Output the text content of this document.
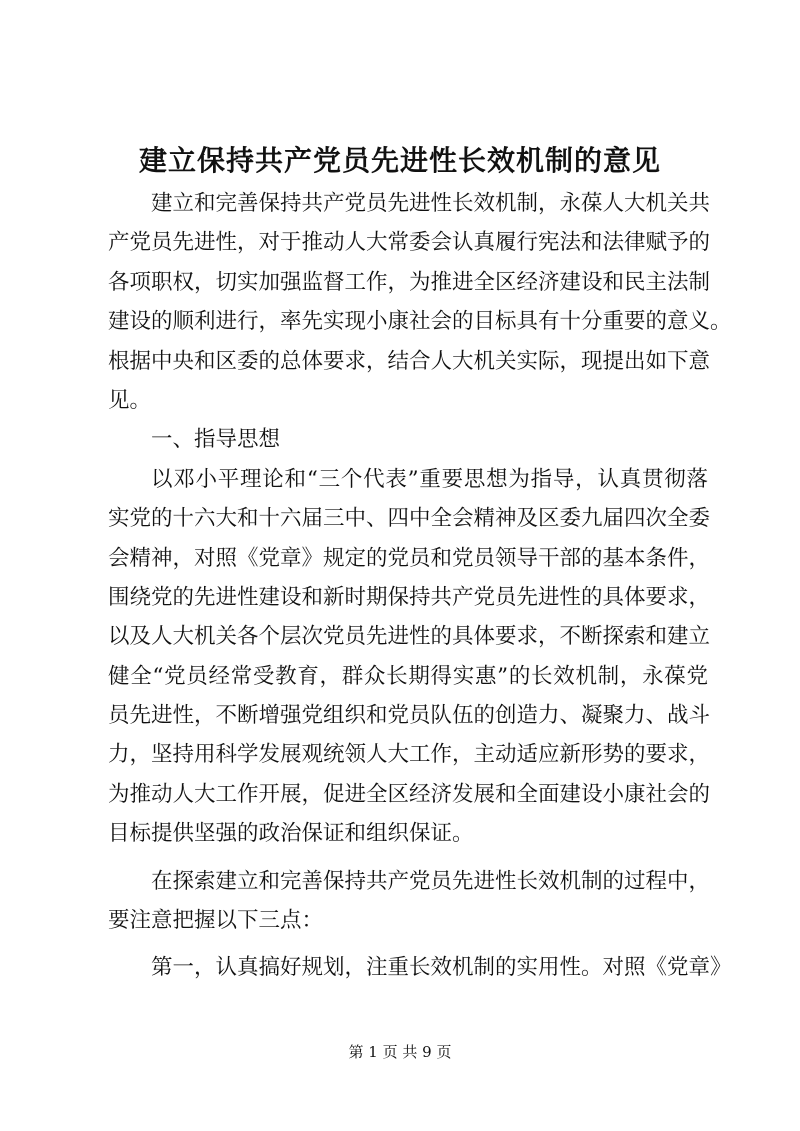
建立保持共产党员先进性长效机制的意见
建立和完善保持共产党员先进性长效机制，永葆人大机关共
产党员先进性，对于推动人大常委会认真履行宪法和法律赋予的
各项职权，切实加强监督工作，为推进全区经济建设和民主法制
建设的顺利进行，率先实现小康社会的目标具有十分重要的意义。
根据中央和区委的总体要求，结合人大机关实际，现提出如下意
见。
一、指导思想
以邓小平理论和“三个代表”重要思想为指导，认真贯彻落
实党的十六大和十六届三中、四中全会精神及区委九届四次全委
会精神，对照《党章》规定的党员和党员领导干部的基本条件，
围绕党的先进性建设和新时期保持共产党员先进性的具体要求，
以及人大机关各个层次党员先进性的具体要求，不断探索和建立
健全“党员经常受教育，群众长期得实惠”的长效机制，永葆党
员先进性，不断增强党组织和党员队伍的创造力、凝聚力、战斗
力，坚持用科学发展观统领人大工作，主动适应新形势的要求，
为推动人大工作开展，促进全区经济发展和全面建设小康社会的
目标提供坚强的政治保证和组织保证。
在探索建立和完善保持共产党员先进性长效机制的过程中，
要注意把握以下三点：
第一，认真搞好规划，注重长效机制的实用性。对照《党章》
第 1 页 共 9 页
